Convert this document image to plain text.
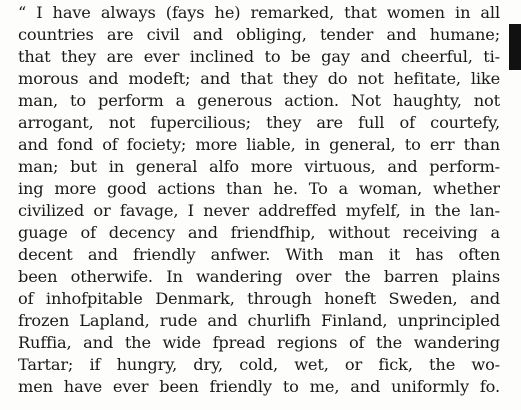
“ I have always (fays he) remarked, that women in all
countries are civil and obliging, tender and humane;
that they are ever inclined to be gay and cheerful, ti-
morous and modeft; and that they do not hefitate, like
man, to perform a generous action. Not haughty, not
arrogant, not fupercilious; they are full of courtefy,
and fond of fociety; more liable, in general, to err than
man; but in general alfo more virtuous, and perform-
ing more good actions than he. To a woman, whether
civilized or favage, I never addreffed myfelf, in the lan-
guage of decency and friendfhip, without receiving a
decent and friendly anfwer. With man it has often
been otherwife. In wandering over the barren plains
of inhofpitable Denmark, through honeft Sweden, and
frozen Lapland, rude and churlifh Finland, unprincipled
Ruffia, and the wide fpread regions of the wandering
Tartar; if hungry, dry, cold, wet, or fick, the wo-
men have ever been friendly to me, and uniformly fo.
